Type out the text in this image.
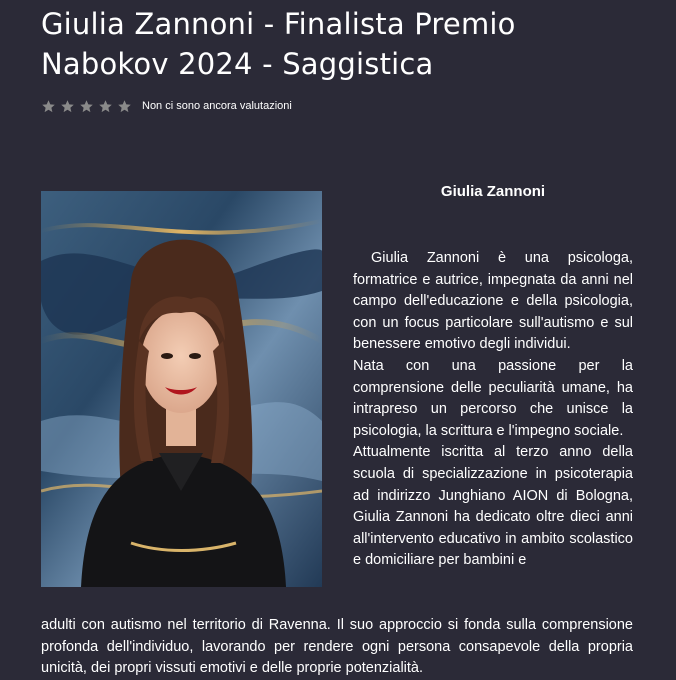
Giulia Zannoni - Finalista Premio Nabokov 2024 - Saggistica
Non ci sono ancora valutazioni
Giulia Zannoni

Giulia Zannoni è una psicologa, formatrice e autrice, impegnata da anni nel campo dell'educazione e della psicologia, con un focus particolare sull'autismo e sul benessere emotivo degli individui.

Nata con una passione per la comprensione delle peculiarità umane, ha intrapreso un percorso che unisce la psicologia, la scrittura e l'impegno sociale.

Attualmente iscritta al terzo anno della scuola di specializzazione in psicoterapia ad indirizzo Junghiano AION di Bologna, Giulia Zannoni ha dedicato oltre dieci anni all'intervento educativo in ambito scolastico e domiciliare per bambini e

adulti con autismo nel territorio di Ravenna. Il suo approccio si fonda sulla comprensione profonda dell'individuo, lavorando per rendere ogni persona consapevole della propria unicità, dei propri vissuti emotivi e delle proprie potenzialità.
